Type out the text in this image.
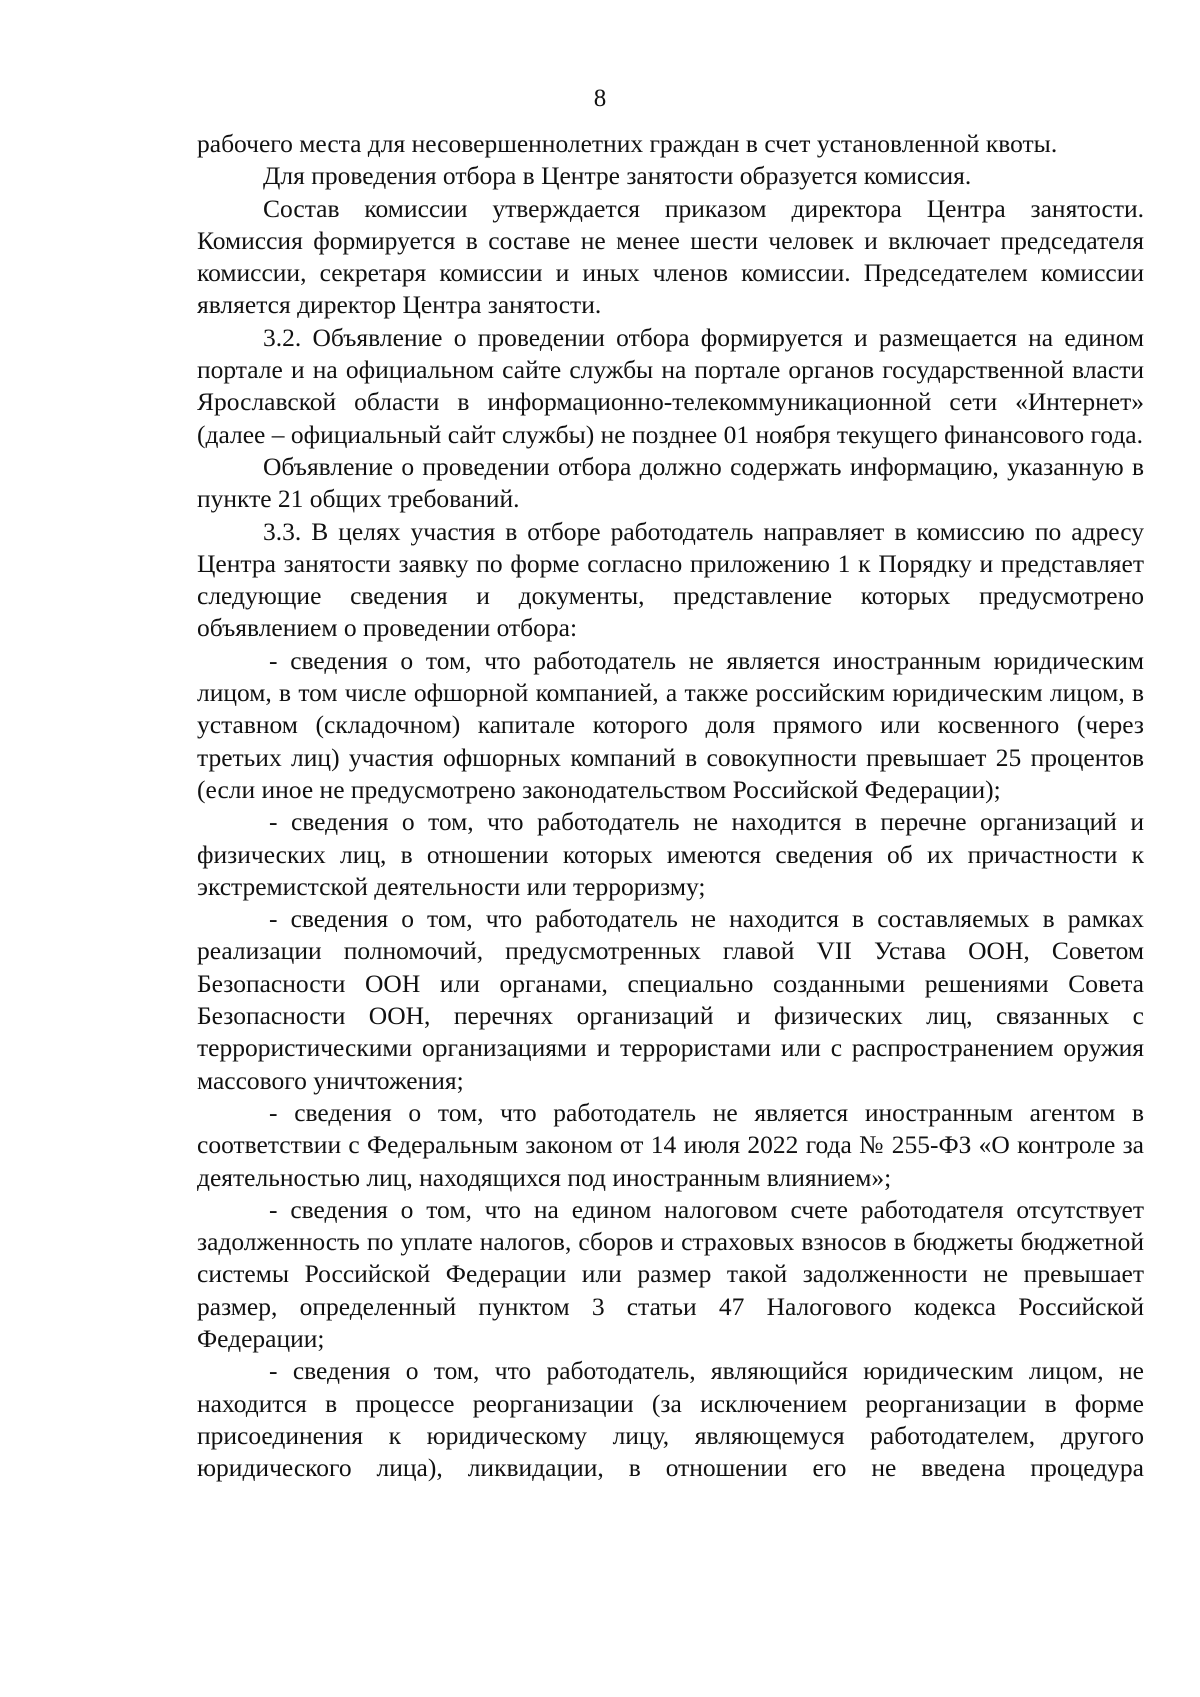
8

рабочего места для несовершеннолетних граждан в счет установленной квоты.

Для проведения отбора в Центре занятости образуется комиссия.

Состав комиссии утверждается приказом директора Центра занятости. Комиссия формируется в составе не менее шести человек и включает председателя комиссии, секретаря комиссии и иных членов комиссии. Председателем комиссии является директор Центра занятости.

3.2. Объявление о проведении отбора формируется и размещается на едином портале и на официальном сайте службы на портале органов государственной власти Ярославской области в информационно-телекоммуникационной сети «Интернет» (далее – официальный сайт службы) не позднее 01 ноября текущего финансового года.

Объявление о проведении отбора должно содержать информацию, указанную в пункте 21 общих требований.

3.3. В целях участия в отборе работодатель направляет в комиссию по адресу Центра занятости заявку по форме согласно приложению 1 к Порядку и представляет следующие сведения и документы, представление которых предусмотрено объявлением о проведении отбора:

- сведения о том, что работодатель не является иностранным юридическим лицом, в том числе офшорной компанией, а также российским юридическим лицом, в уставном (складочном) капитале которого доля прямого или косвенного (через третьих лиц) участия офшорных компаний в совокупности превышает 25 процентов (если иное не предусмотрено законодательством Российской Федерации);

- сведения о том, что работодатель не находится в перечне организаций и физических лиц, в отношении которых имеются сведения об их причастности к экстремистской деятельности или терроризму;

- сведения о том, что работодатель не находится в составляемых в рамках реализации полномочий, предусмотренных главой VII Устава ООН, Советом Безопасности ООН или органами, специально созданными решениями Совета Безопасности ООН, перечнях организаций и физических лиц, связанных с террористическими организациями и террористами или с распространением оружия массового уничтожения;

- сведения о том, что работодатель не является иностранным агентом в соответствии с Федеральным законом от 14 июля 2022 года № 255-ФЗ «О контроле за деятельностью лиц, находящихся под иностранным влиянием»;

- сведения о том, что на едином налоговом счете работодателя отсутствует задолженность по уплате налогов, сборов и страховых взносов в бюджеты бюджетной системы Российской Федерации или размер такой задолженности не превышает размер, определенный пунктом 3 статьи 47 Налогового кодекса Российской Федерации;

- сведения о том, что работодатель, являющийся юридическим лицом, не находится в процессе реорганизации (за исключением реорганизации в форме присоединения к юридическому лицу, являющемуся работодателем, другого юридического лица), ликвидации, в отношении его не введена процедура
